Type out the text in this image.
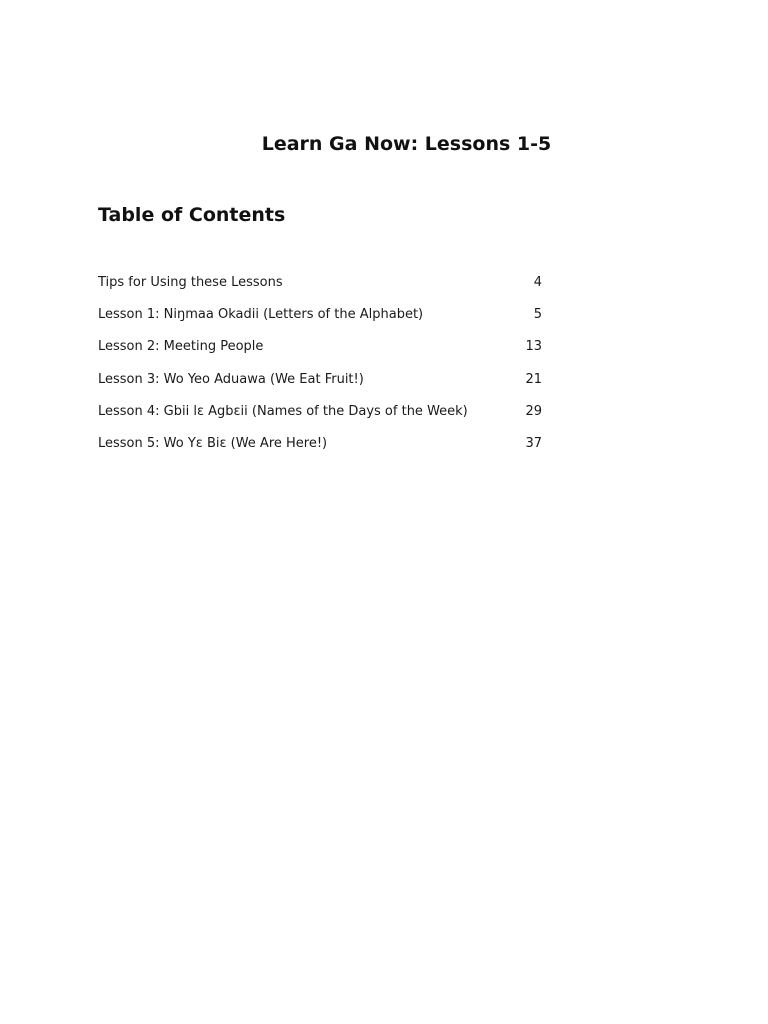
Learn Ga Now: Lessons 1-5
Table of Contents
Tips for Using these Lessons	4
Lesson 1: Niŋmaa Okadii (Letters of the Alphabet)	5
Lesson 2: Meeting People	13
Lesson 3: Wo Yeo Aduawa (We Eat Fruit!)	21
Lesson 4: Gbii lɛ Agbɛii (Names of the Days of the Week)	29
Lesson 5: Wo Yɛ Biɛ (We Are Here!)	37
